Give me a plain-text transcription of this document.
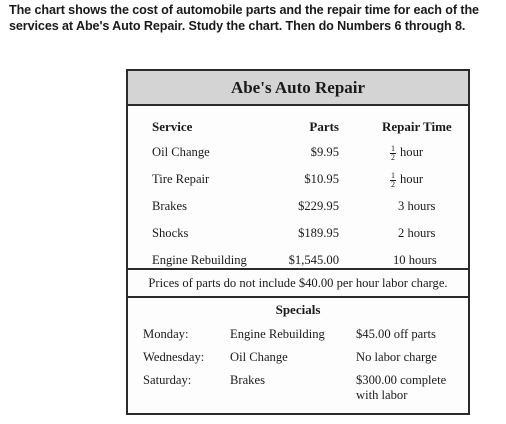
The chart shows the cost of automobile parts and the repair time for each of the services at Abe's Auto Repair. Study the chart. Then do Numbers 6 through 8.
Abe's Auto Repair
Service	Parts	Repair Time
Oil Change	$9.95	$\frac{1}{2}$ hour
Tire Repair	$10.95	$\frac{1}{2}$ hour
Brakes	$229.95	3 hours
Shocks	$189.95	2 hours
Engine Rebuilding	$1,545.00	10 hours
Prices of parts do not include $40.00 per hour labor charge.
Specials
Monday:	Engine Rebuilding $45.00 off parts
Wednesday: Oil Change	No labor charge
Saturday:	Brakes	$300.00 complete with labor
